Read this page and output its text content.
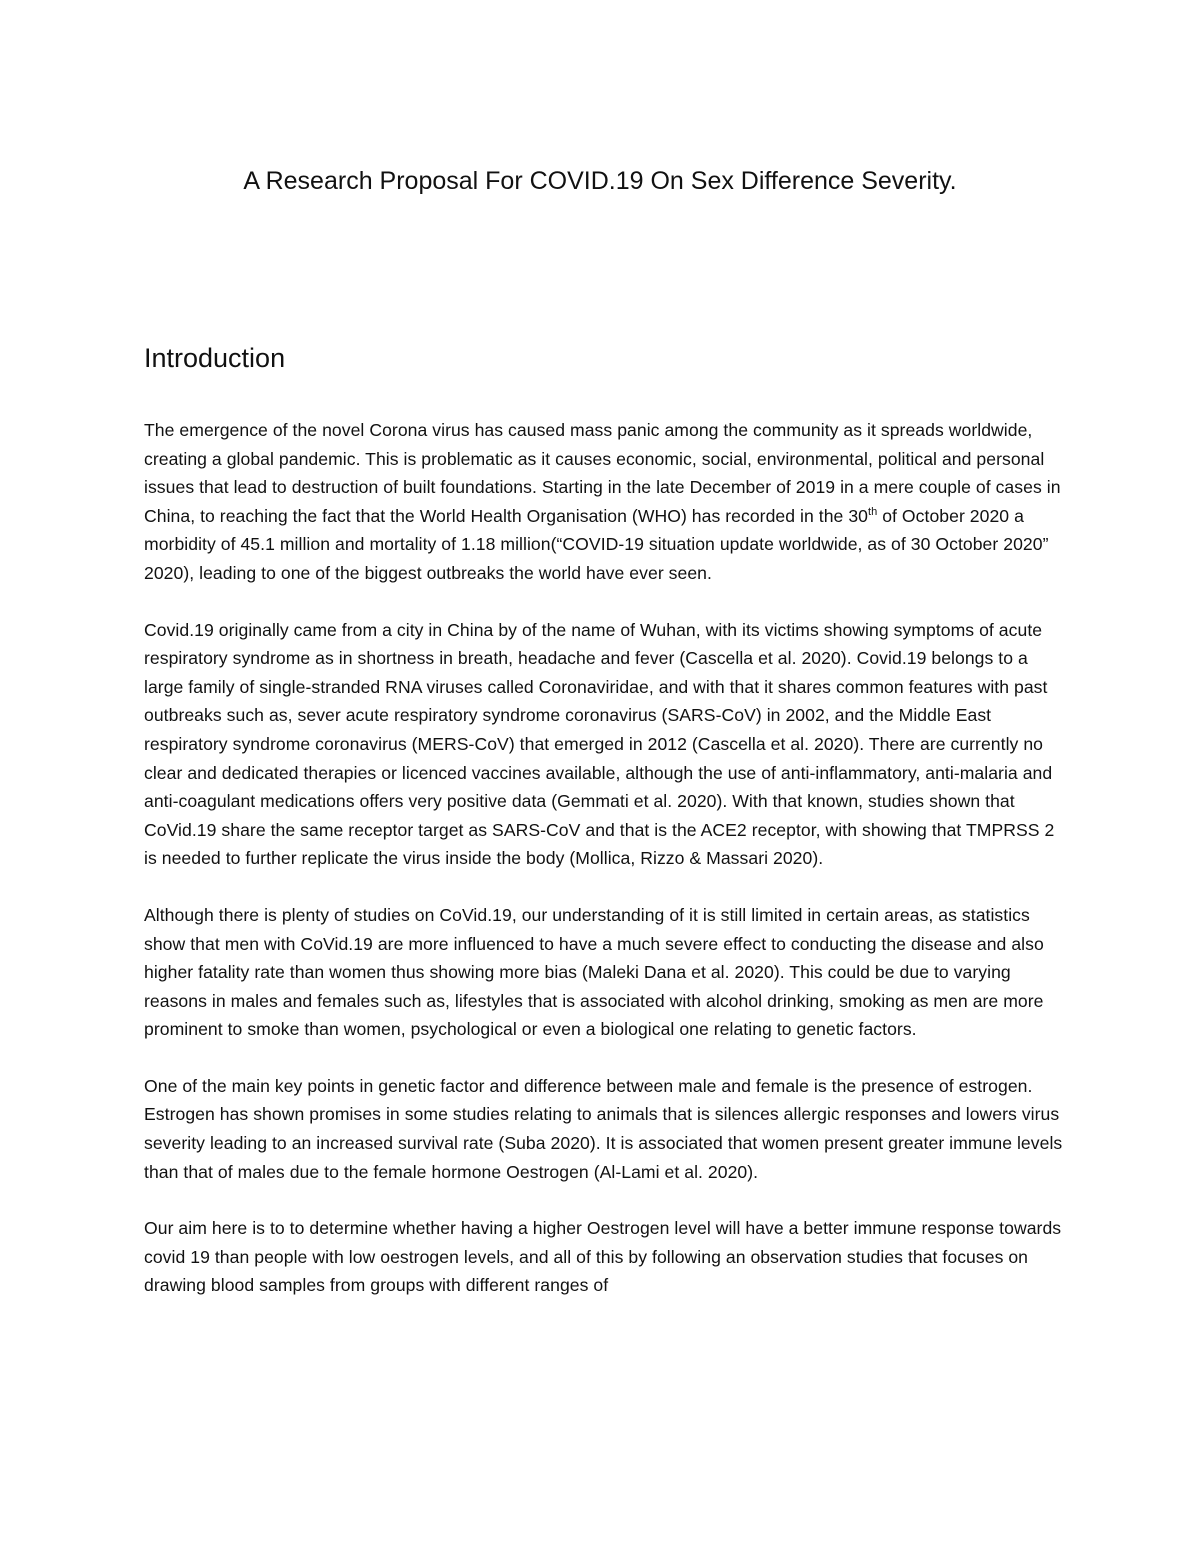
A Research Proposal For COVID.19 On Sex Difference Severity.
Introduction

The emergence of the novel Corona virus has caused mass panic among the community as it spreads worldwide, creating a global pandemic. This is problematic as it causes economic, social, environmental, political and personal issues that lead to destruction of built foundations. Starting in the late December of 2019 in a mere couple of cases in China, to reaching the fact that the World Health Organisation (WHO) has recorded in the 30th of October 2020 a morbidity of 45.1 million and mortality of 1.18 million(“COVID-19 situation update worldwide, as of 30 October 2020” 2020), leading to one of the biggest outbreaks the world have ever seen.

Covid.19 originally came from a city in China by of the name of Wuhan, with its victims showing symptoms of acute respiratory syndrome as in shortness in breath, headache and fever (Cascella et al. 2020). Covid.19 belongs to a large family of single-stranded RNA viruses called Coronaviridae, and with that it shares common features with past outbreaks such as, sever acute respiratory syndrome coronavirus (SARS-CoV) in 2002, and the Middle East respiratory syndrome coronavirus (MERS-CoV) that emerged in 2012 (Cascella et al. 2020). There are currently no clear and dedicated therapies or licenced vaccines available, although the use of anti-inflammatory, anti-malaria and anti-coagulant medications offers very positive data (Gemmati et al. 2020). With that known, studies shown that CoVid.19 share the same receptor target as SARS-CoV and that is the ACE2 receptor, with showing that TMPRSS 2 is needed to further replicate the virus inside the body (Mollica, Rizzo & Massari 2020).

Although there is plenty of studies on CoVid.19, our understanding of it is still limited in certain areas, as statistics show that men with CoVid.19 are more influenced to have a much severe effect to conducting the disease and also higher fatality rate than women thus showing more bias (Maleki Dana et al. 2020). This could be due to varying reasons in males and females such as, lifestyles that is associated with alcohol drinking, smoking as men are more prominent to smoke than women, psychological or even a biological one relating to genetic factors.

One of the main key points in genetic factor and difference between male and female is the presence of estrogen. Estrogen has shown promises in some studies relating to animals that is silences allergic responses and lowers virus severity leading to an increased survival rate (Suba 2020). It is associated that women present greater immune levels than that of males due to the female hormone Oestrogen (Al-Lami et al. 2020).

Our aim here is to to determine whether having a higher Oestrogen level will have a better immune response towards covid 19 than people with low oestrogen levels, and all of this by following an observation studies that focuses on drawing blood samples from groups with different ranges of
